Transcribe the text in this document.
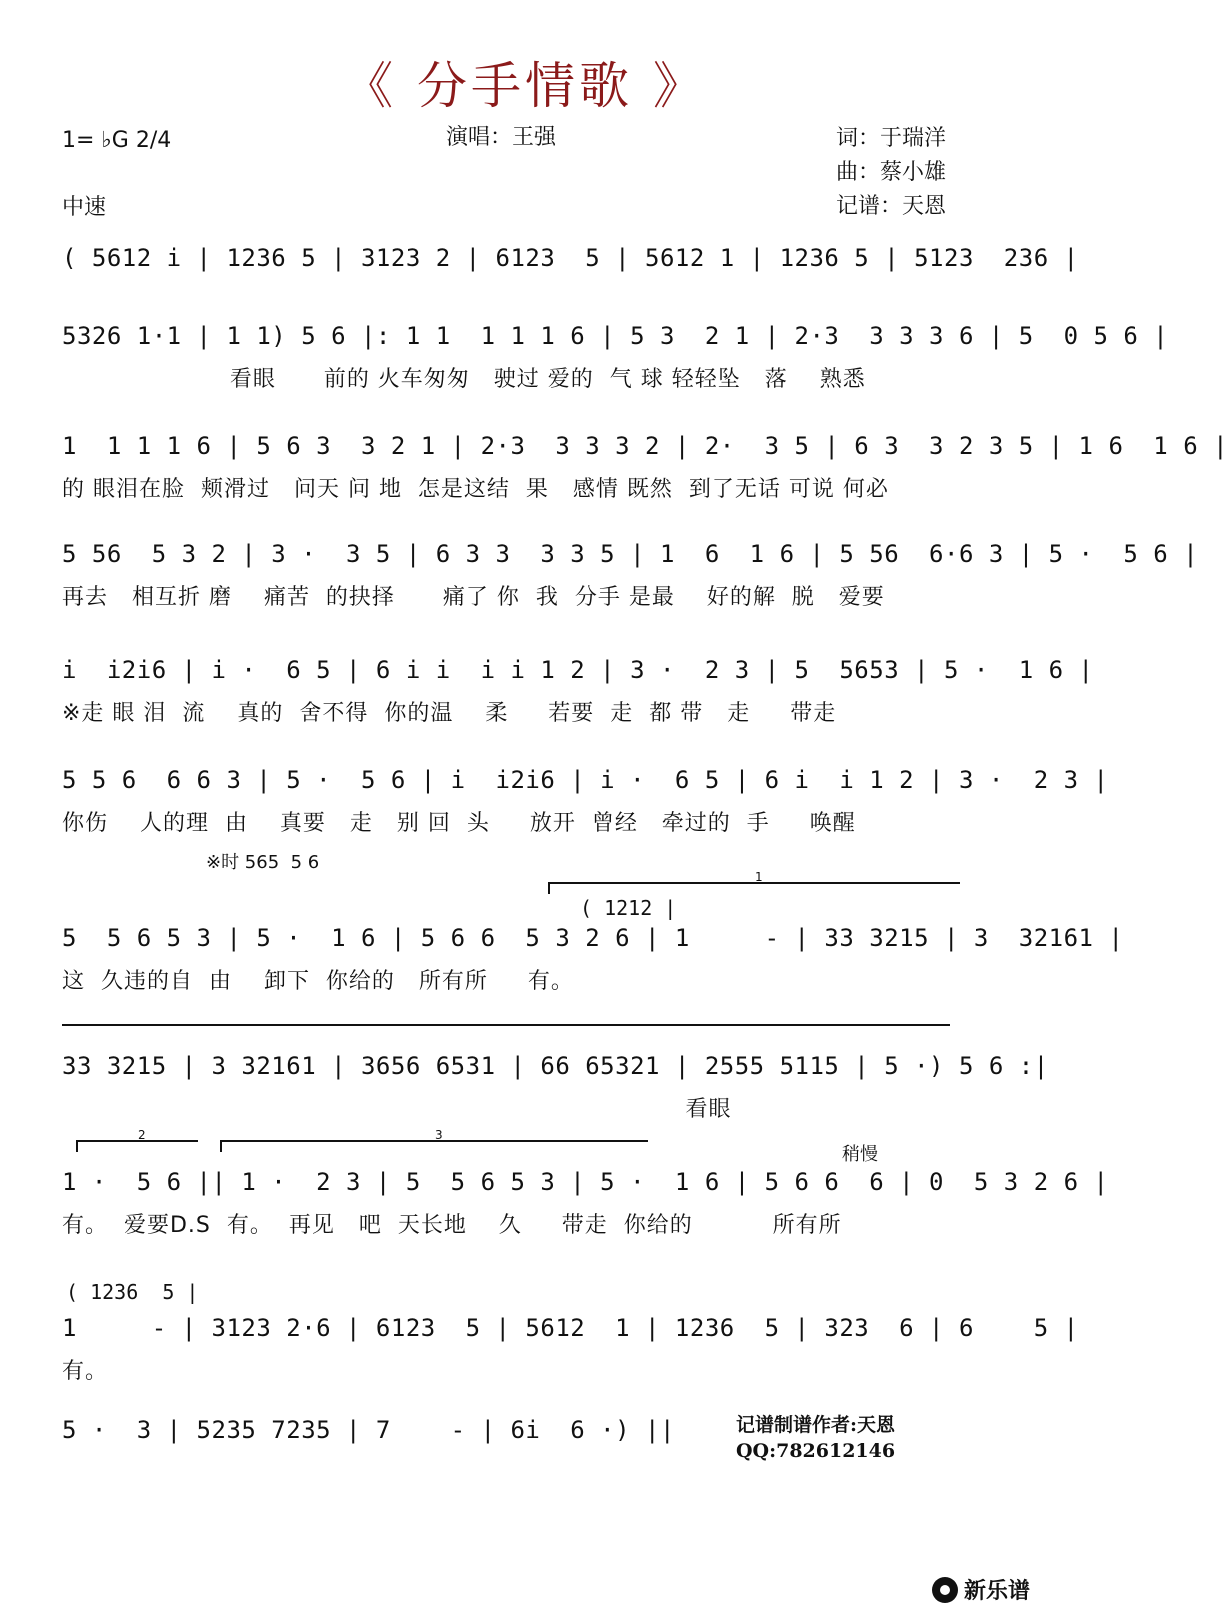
《 分手情歌 》
1= ♭G 2/4
中速
演唱：王强	词：于瑞洋
曲：蔡小雄
记谱：天恩
( 5612 i | 1236 5 | 3123 2 | 6123  5 | 5612 1 | 1236 5 | 5123  236 |
5326 1·1 | 1 1) 5 6 |: 1 1  1 1 1 6 | 5 3  2 1 | 2·3  3 3 3 6 | 5  0 5 6 |
看眼      前的 火车匆匆   驶过 爱的  气 球 轻轻坠   落    熟悉
1  1 1 1 6 | 5 6 3  3 2 1 | 2·3  3 3 3 2 | 2·  3 5 | 6 3  3 2 3 5 | 1 6  1 6 |
的 眼泪在脸  颊滑过   问天 问 地  怎是这结  果   感情 既然  到了无话 可说 何必
5 56  5 3 2 | 3 ·  3 5 | 6 3 3  3 3 5 | 1  6  1 6 | 5 56  6·6 3 | 5 ·  5 6 |
再去   相互折 磨    痛苦  的抉择      痛了 你  我  分手 是最    好的解  脱   爱要
i  i2i6 | i ·  6 5 | 6 i i  i i 1 2 | 3 ·  2 3 | 5  5653 | 5 ·  1 6 |
※走 眼 泪  流    真的  舍不得  你的温    柔     若要  走  都 带   走     带走
5 5 6  6 6 3 | 5 ·  5 6 | i  i2i6 | i ·  6 5 | 6 i  i 1 2 | 3 ·  2 3 |
你伤    人的理  由    真要   走   别 回  头     放开  曾经   牵过的  手     唤醒
※时 565  5 6
1
( 1212 |
5  5 6 5 3 | 5 ·  1 6 | 5 6 6  5 3 2 6 | 1     - | 33 3215 | 3  32161 |
这  久违的自  由    卸下  你给的   所有所     有。
33 3215 | 3 32161 | 3656 6531 | 66 65321 | 2555 5115 | 5 ·) 5 6 :|
看眼
2	3
稍慢
1 ·  5 6 || 1 ·  2 3 | 5  5 6 5 3 | 5 ·  1 6 | 5 6 6  6 | 0  5 3 2 6 |
有。  爱要D.S  有。  再见   吧  天长地    久     带走  你给的          所有所
( 1236  5 |
1     - | 3123 2·6 | 6123  5 | 5612  1 | 1236  5 | 323  6 | 6    5 |
有。
5 ·  3 | 5235 7235 | 7    - | 6i  6 ·) ||	记谱制谱作者:天恩
QQ:782612146
新乐谱
